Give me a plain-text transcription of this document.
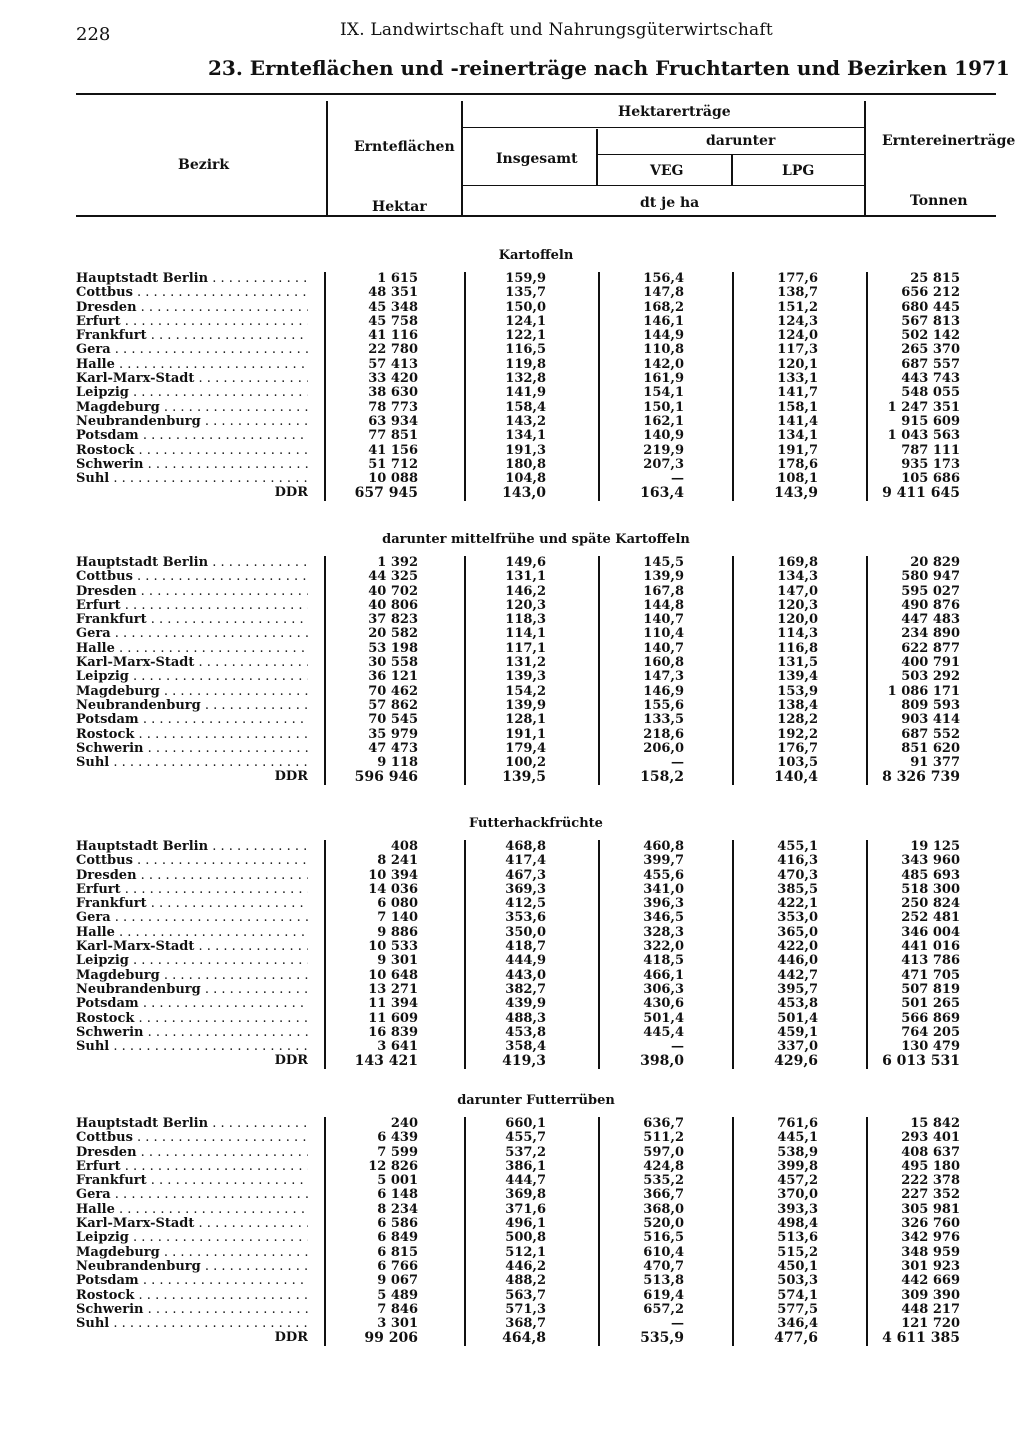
228	IX. Landwirtschaft und Nahrungsgüterwirtschaft
23. Ernteflächen und -reinerträge nach Fruchtarten und Bezirken 1971
Bezirk
Ernteflächen
Hektarerträge
darunter
Insgesamt
VEG	LPG
Erntereinerträge
Hektar	dt je ha	Tonnen
Kartoffeln
Hauptstadt Berlin . . .	1 615	159,9	156,4	177,6	25 815
Cottbus . . .	48 351	135,7	147,8	138,7	656 212
Dresden . . .	45 348	150,0	168,2	151,2	680 445
Erfurt . . .	45 758	124,1	146,1	124,3	567 813
Frankfurt . . .	41 116	122,1	144,9	124,0	502 142
Gera . . .	22 780	116,5	110,8	117,3	265 370
Halle . . .	57 413	119,8	142,0	120,1	687 557
Karl-Marx-Stadt . . .	33 420	132,8	161,9	133,1	443 743
Leipzig . . .	38 630	141,9	154,1	141,7	548 055
Magdeburg . . .	78 773	158,4	150,1	158,1	1 247 351
Neubrandenburg . . .	63 934	143,2	162,1	141,4	915 609
Potsdam . . .	77 851	134,1	140,9	134,1	1 043 563
Rostock . . .	41 156	191,3	219,9	191,7	787 111
Schwerin . . .	51 712	180,8	207,3	178,6	935 173
Suhl . . .	10 088	104,8	—	108,1	105 686
DDR	657 945	143,0	163,4	143,9	9 411 645
darunter mittelfrühe und späte Kartoffeln
Hauptstadt Berlin . . .	1 392	149,6	145,5	169,8	20 829
Cottbus . . .	44 325	131,1	139,9	134,3	580 947
Dresden . . .	40 702	146,2	167,8	147,0	595 027
Erfurt . . .	40 806	120,3	144,8	120,3	490 876
Frankfurt . . .	37 823	118,3	140,7	120,0	447 483
Gera . . .	20 582	114,1	110,4	114,3	234 890
Halle . . .	53 198	117,1	140,7	116,8	622 877
Karl-Marx-Stadt . . .	30 558	131,2	160,8	131,5	400 791
Leipzig . . .	36 121	139,3	147,3	139,4	503 292
Magdeburg . . .	70 462	154,2	146,9	153,9	1 086 171
Neubrandenburg . . .	57 862	139,9	155,6	138,4	809 593
Potsdam . . .	70 545	128,1	133,5	128,2	903 414
Rostock . . .	35 979	191,1	218,6	192,2	687 552
Schwerin . . .	47 473	179,4	206,0	176,7	851 620
Suhl . . .	9 118	100,2	—	103,5	91 377
DDR	596 946	139,5	158,2	140,4	8 326 739
Futterhackfrüchte
Hauptstadt Berlin . . .	408	468,8	460,8	455,1	19 125
Cottbus . . .	8 241	417,4	399,7	416,3	343 960
Dresden . . .	10 394	467,3	455,6	470,3	485 693
Erfurt . . .	14 036	369,3	341,0	385,5	518 300
Frankfurt . . .	6 080	412,5	396,3	422,1	250 824
Gera . . .	7 140	353,6	346,5	353,0	252 481
Halle . . .	9 886	350,0	328,3	365,0	346 004
Karl-Marx-Stadt . . .	10 533	418,7	322,0	422,0	441 016
Leipzig . . .	9 301	444,9	418,5	446,0	413 786
Magdeburg . . .	10 648	443,0	466,1	442,7	471 705
Neubrandenburg . . .	13 271	382,7	306,3	395,7	507 819
Potsdam . . .	11 394	439,9	430,6	453,8	501 265
Rostock . . .	11 609	488,3	501,4	501,4	566 869
Schwerin . . .	16 839	453,8	445,4	459,1	764 205
Suhl . . .	3 641	358,4	—	337,0	130 479
DDR	143 421	419,3	398,0	429,6	6 013 531
darunter Futterrüben
Hauptstadt Berlin . . .	240	660,1	636,7	761,6	15 842
Cottbus . . .	6 439	455,7	511,2	445,1	293 401
Dresden . . .	7 599	537,2	597,0	538,9	408 637
Erfurt . . .	12 826	386,1	424,8	399,8	495 180
Frankfurt . . .	5 001	444,7	535,2	457,2	222 378
Gera . . .	6 148	369,8	366,7	370,0	227 352
Halle . . .	8 234	371,6	368,0	393,3	305 981
Karl-Marx-Stadt . . .	6 586	496,1	520,0	498,4	326 760
Leipzig . . .	6 849	500,8	516,5	513,6	342 976
Magdeburg . . .	6 815	512,1	610,4	515,2	348 959
Neubrandenburg . . .	6 766	446,2	470,7	450,1	301 923
Potsdam . . .	9 067	488,2	513,8	503,3	442 669
Rostock . . .	5 489	563,7	619,4	574,1	309 390
Schwerin . . .	7 846	571,3	657,2	577,5	448 217
Suhl . . .	3 301	368,7	—	346,4	121 720
DDR	99 206	464,8	535,9	477,6	4 611 385
